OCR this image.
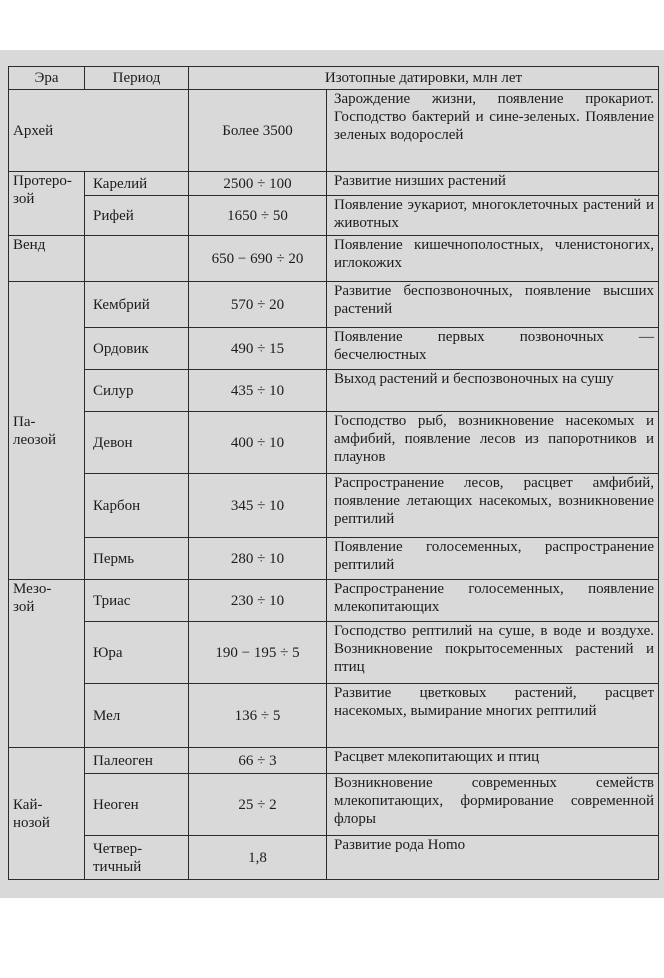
Эра	Период	Изотопные датировки, млн лет	
Архей		Более 3500	Зарождение жизни, появление прокариот. Господство бактерий и сине-зеленых. Появление зеленых водорослей
Протеро-
зой	Карелий	2500 ÷ 100	Развитие низших растений
	Рифей	1650 ÷ 50	Появление эукариот, многоклеточных растений и животных
Венд		650 − 690 ÷ 20	Появление кишечнополостных, членистоногих, иглокожих
Па-
леозой	Кембрий	570 ÷ 20	Развитие беспозвоночных, появление высших растений
	Ордовик	490 ÷ 15	Появление первых позвоночных — бесчелюстных
	Силур	435 ÷ 10	Выход растений и беспозвоночных на сушу
	Девон	400 ÷ 10	Господство рыб, возникновение насекомых и амфибий, появление лесов из папоротников и плаунов
	Карбон	345 ÷ 10	Распространение лесов, расцвет амфибий, появление летающих насекомых, возникновение рептилий
	Пермь	280 ÷ 10	Появление голосеменных, распространение рептилий
Мезо-
зой	Триас	230 ÷ 10	Распространение голосеменных, появление млекопитающих
	Юра	190 − 195 ÷ 5	Господство рептилий на суше, в воде и воздухе. Возникновение покрытосеменных растений и птиц
	Мел	136 ÷ 5	Развитие цветковых растений, расцвет насекомых, вымирание многих рептилий
Кай-
нозой	Палеоген	66 ÷ 3	Расцвет млекопитающих и птиц
	Неоген	25 ÷ 2	Возникновение современных семейств млекопитающих, формирование современной флоры
	Четвер-
тичный	1,8	Развитие рода Homo
